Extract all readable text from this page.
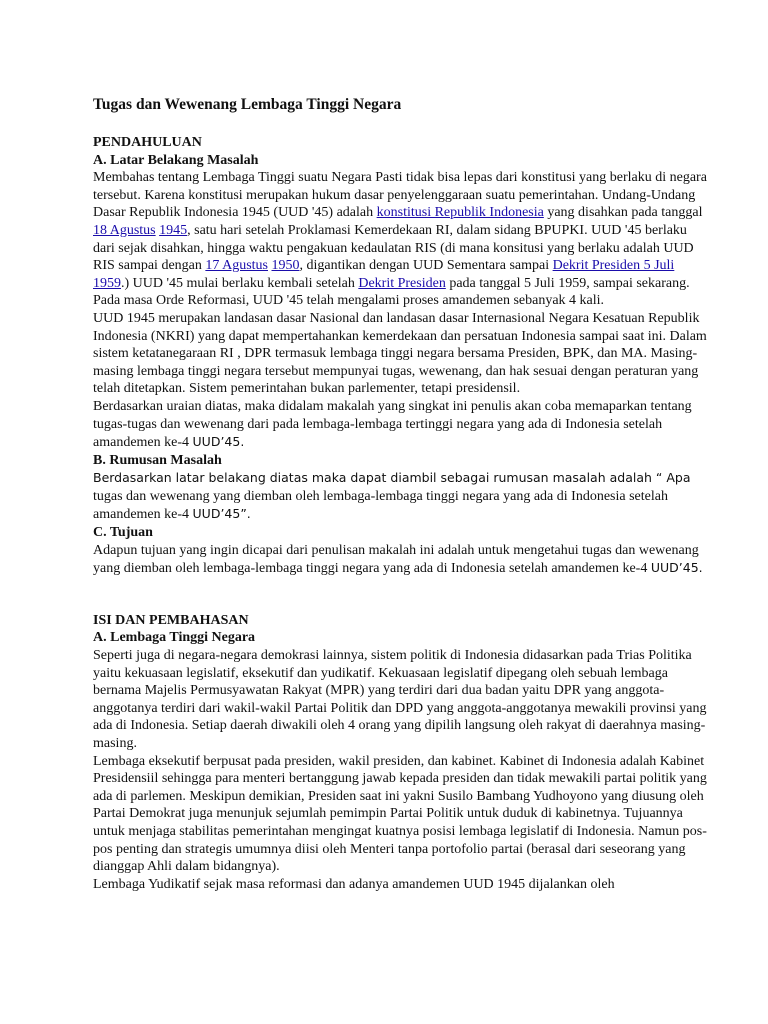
Tugas dan Wewenang Lembaga Tinggi Negara
PENDAHULUAN
A. Latar Belakang Masalah

Membahas tentang Lembaga Tinggi suatu Negara Pasti tidak bisa lepas dari konstitusi yang berlaku di negara tersebut. Karena konstitusi merupakan hukum dasar penyelenggaraan suatu pemerintahan. Undang-Undang Dasar Republik Indonesia 1945 (UUD '45) adalah konstitusi Republik Indonesia yang disahkan pada tanggal 18 Agustus 1945, satu hari setelah Proklamasi Kemerdekaan RI, dalam sidang BPUPKI. UUD '45 berlaku dari sejak disahkan, hingga waktu pengakuan kedaulatan RIS (di mana konsitusi yang berlaku adalah UUD RIS sampai dengan 17 Agustus 1950, digantikan dengan UUD Sementara sampai Dekrit Presiden 5 Juli 1959.) UUD '45 mulai berlaku kembali setelah Dekrit Presiden pada tanggal 5 Juli 1959, sampai sekarang. Pada masa Orde Reformasi, UUD '45 telah mengalami proses amandemen sebanyak 4 kali.

UUD 1945 merupakan landasan dasar Nasional dan landasan dasar Internasional Negara Kesatuan Republik Indonesia (NKRI) yang dapat mempertahankan kemerdekaan dan persatuan Indonesia sampai saat ini. Dalam sistem ketatanegaraan RI , DPR termasuk lembaga tinggi negara bersama Presiden, BPK, dan MA. Masing-masing lembaga tinggi negara tersebut mempunyai tugas, wewenang, dan hak sesuai dengan peraturan yang telah ditetapkan. Sistem pemerintahan bukan parlementer, tetapi presidensil.

Berdasarkan uraian diatas, maka didalam makalah yang singkat ini penulis akan coba memaparkan tentang tugas-tugas dan wewenang dari pada lembaga-lembaga tertinggi negara yang ada di Indonesia setelah amandemen ke-4 UUD’45.

B. Rumusan Masalah

Berdasarkan latar belakang diatas maka dapat diambil sebagai rumusan masalah adalah “ Apa
tugas dan wewenang yang diemban oleh lembaga-lembaga tinggi negara yang ada di Indonesia setelah amandemen ke-4 UUD’45”.

C. Tujuan

Adapun tujuan yang ingin dicapai dari penulisan makalah ini adalah untuk mengetahui tugas dan wewenang yang diemban oleh lembaga-lembaga tinggi negara yang ada di Indonesia setelah amandemen ke-4 UUD’45.

ISI DAN PEMBAHASAN
A. Lembaga Tinggi Negara

Seperti juga di negara-negara demokrasi lainnya, sistem politik di Indonesia didasarkan pada Trias Politika yaitu kekuasaan legislatif, eksekutif dan yudikatif. Kekuasaan legislatif dipegang oleh sebuah lembaga bernama Majelis Permusyawatan Rakyat (MPR) yang terdiri dari dua badan yaitu DPR yang anggota-anggotanya terdiri dari wakil-wakil Partai Politik dan DPD yang anggota-anggotanya mewakili provinsi yang ada di Indonesia. Setiap daerah diwakili oleh 4 orang yang dipilih langsung oleh rakyat di daerahnya masing-masing.

Lembaga eksekutif berpusat pada presiden, wakil presiden, dan kabinet. Kabinet di Indonesia adalah Kabinet Presidensiil sehingga para menteri bertanggung jawab kepada presiden dan tidak mewakili partai politik yang ada di parlemen. Meskipun demikian, Presiden saat ini yakni Susilo Bambang Yudhoyono yang diusung oleh Partai Demokrat juga menunjuk sejumlah pemimpin Partai Politik untuk duduk di kabinetnya. Tujuannya untuk menjaga stabilitas pemerintahan mengingat kuatnya posisi lembaga legislatif di Indonesia. Namun pos-pos penting dan strategis umumnya diisi oleh Menteri tanpa portofolio partai (berasal dari seseorang yang dianggap Ahli dalam bidangnya).

Lembaga Yudikatif sejak masa reformasi dan adanya amandemen UUD 1945 dijalankan oleh
